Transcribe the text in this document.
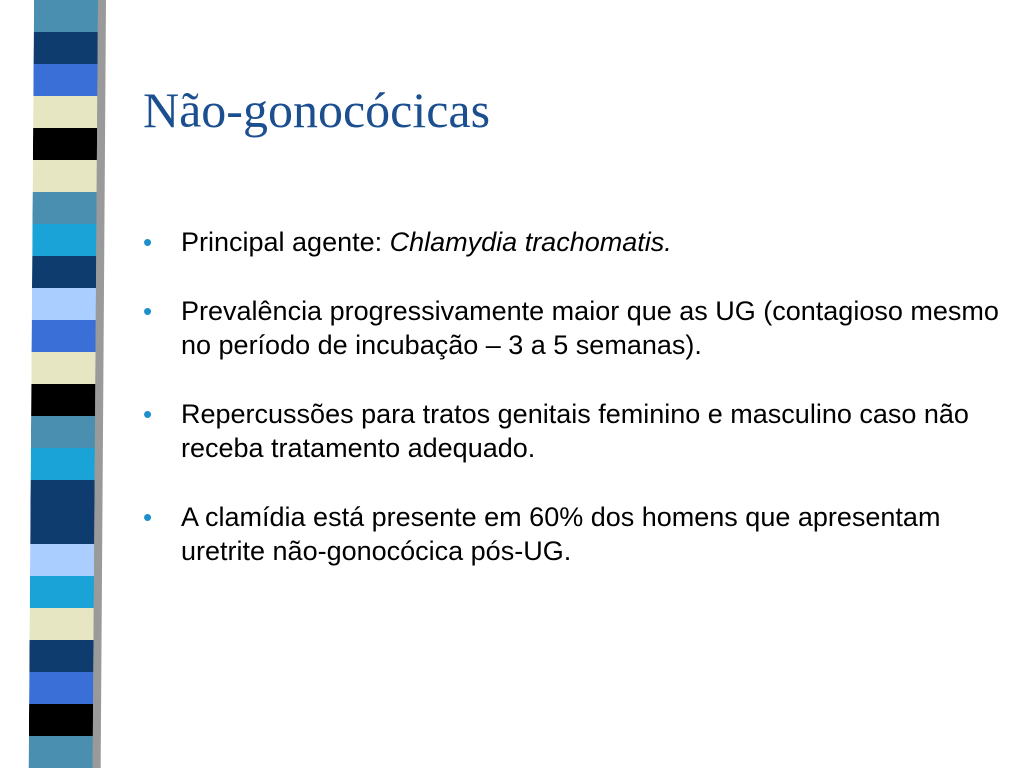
Não-gonocócicas
• Principal agente: Chlamydia trachomatis.
• Prevalência progressivamente maior que as UG (contagioso mesmo no período de incubação – 3 a 5 semanas).
• Repercussões para tratos genitais feminino e masculino caso não receba tratamento adequado.
• A clamídia está presente em 60% dos homens que apresentam uretrite não-gonocócica pós-UG.
